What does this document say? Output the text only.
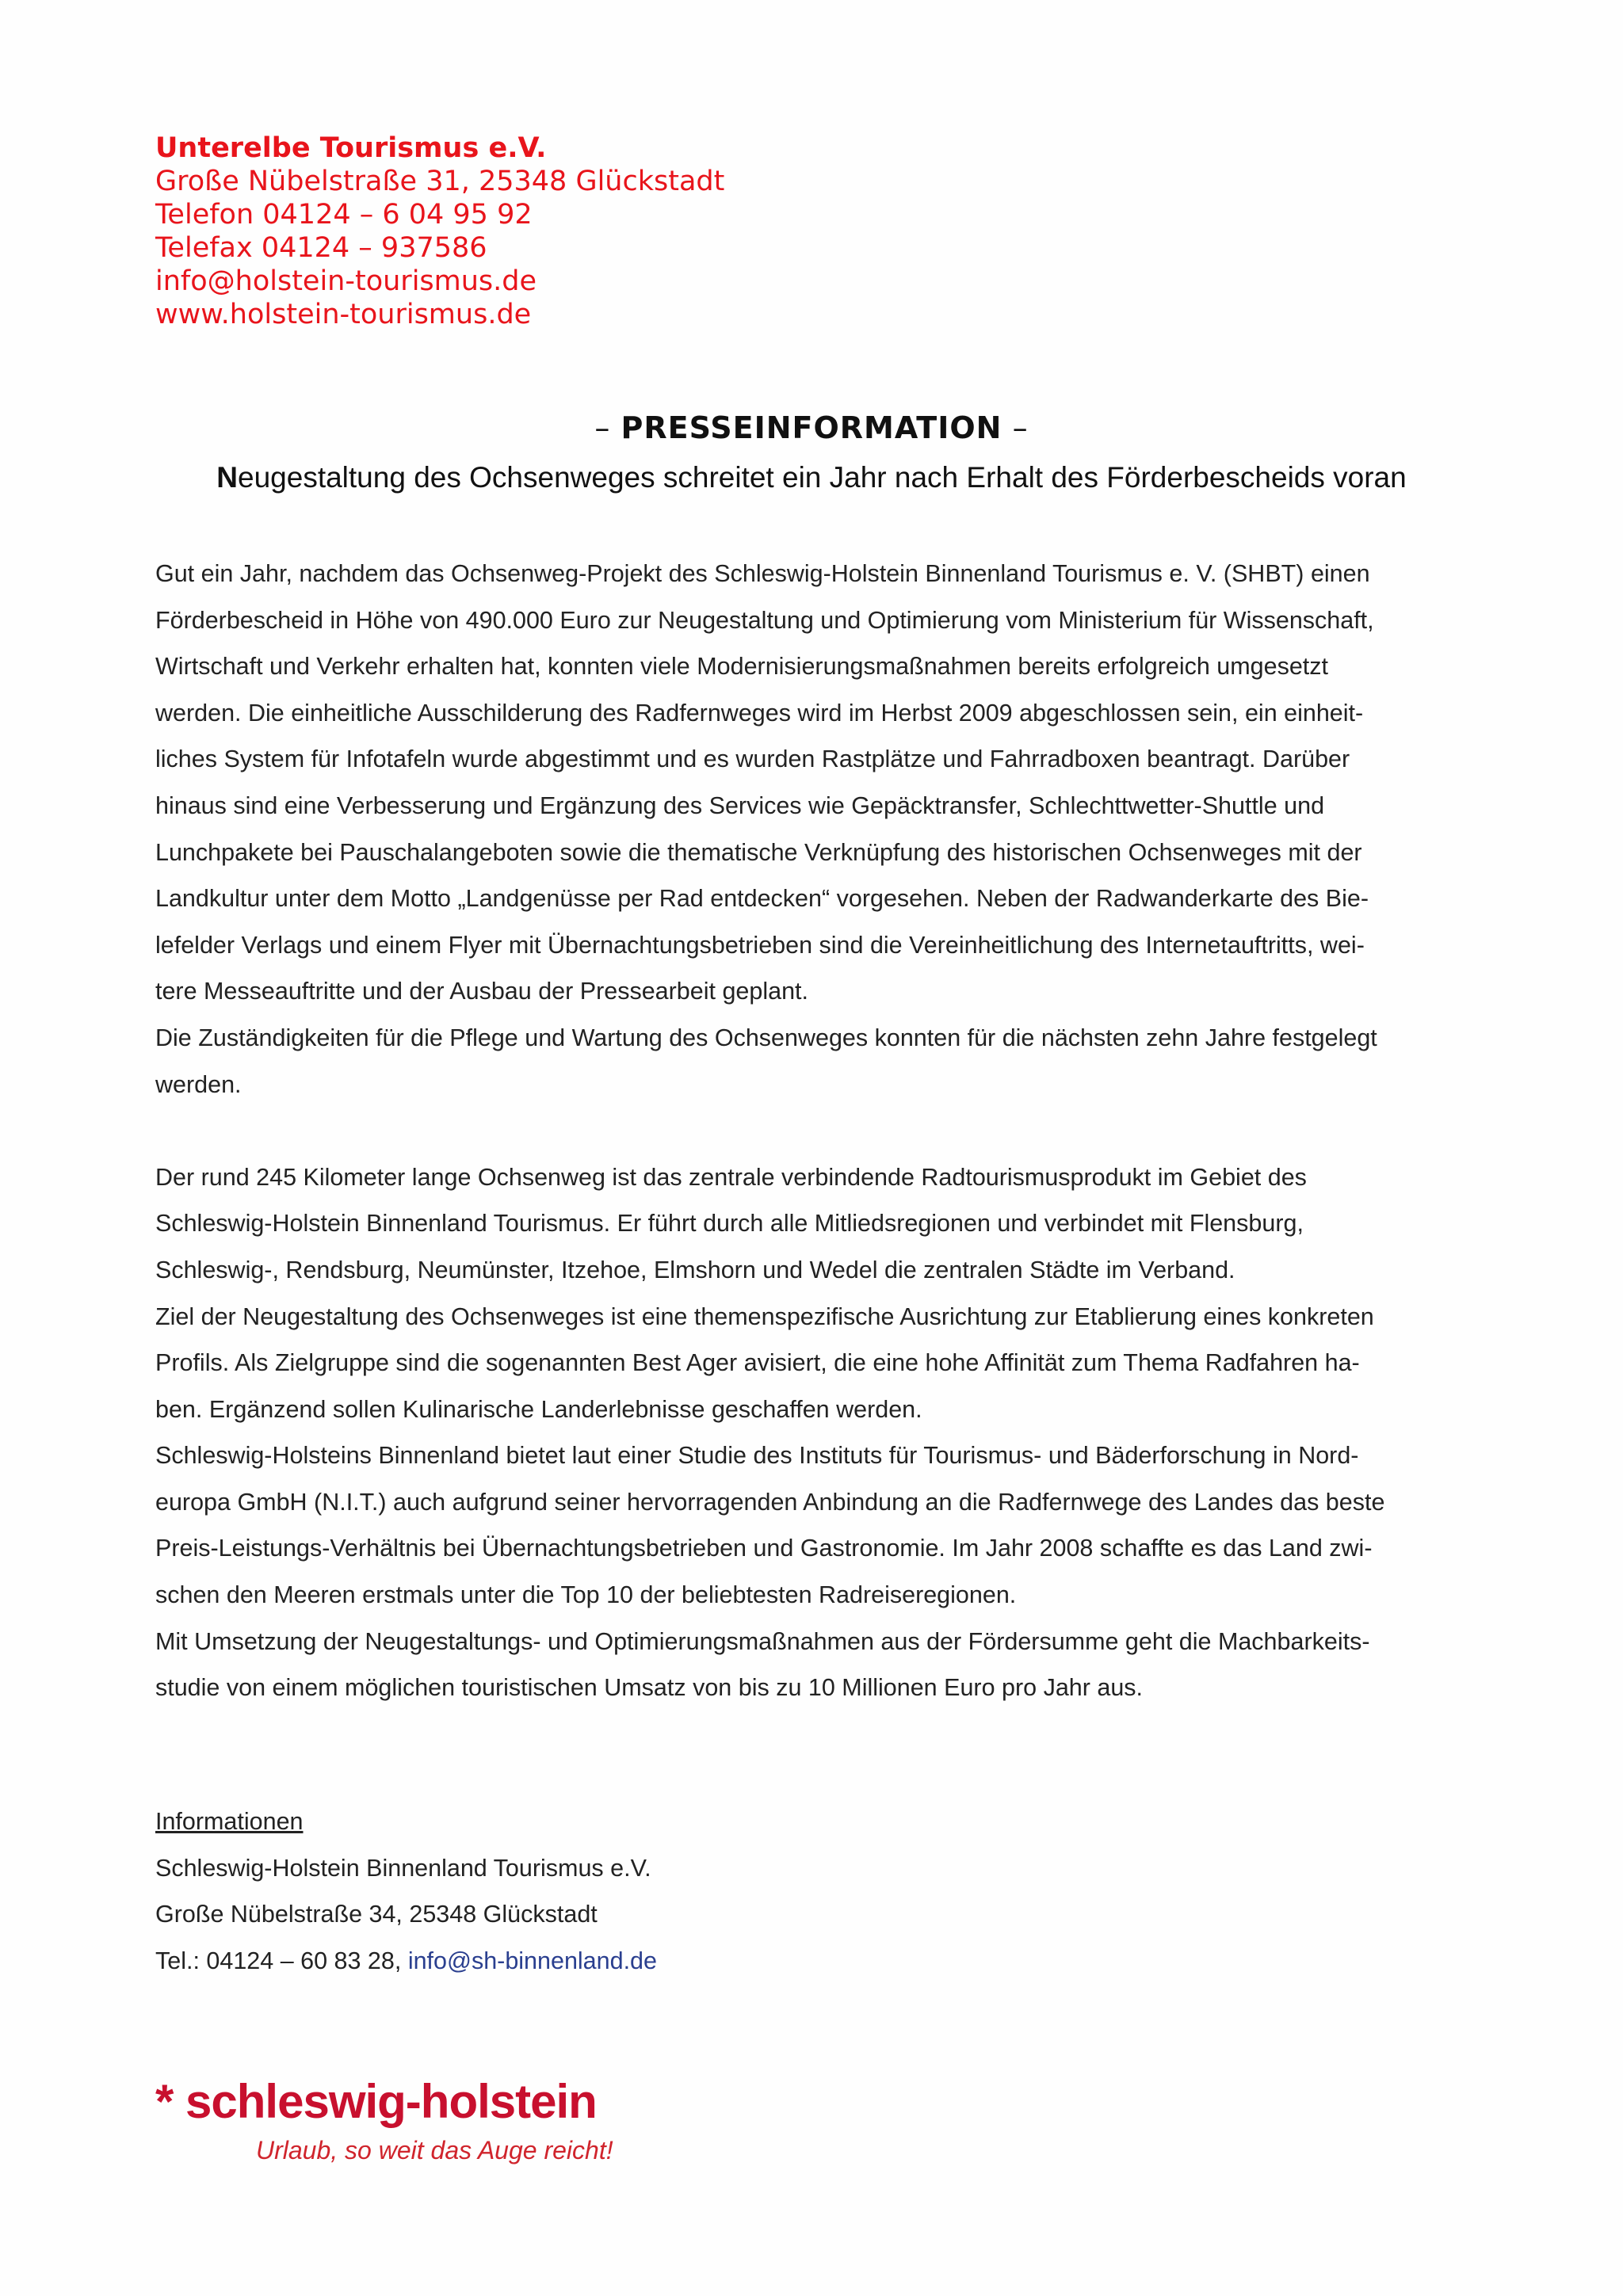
Unterelbe Tourismus e.V.
Große Nübelstraße 31, 25348 Glückstadt
Telefon 04124 – 6 04 95 92
Telefax 04124 – 937586
info@holstein-tourismus.de
www.holstein-tourismus.de
– PRESSEINFORMATION –
Neugestaltung des Ochsenweges schreitet ein Jahr nach Erhalt des Förderbescheids voran

Gut ein Jahr, nachdem das Ochsenweg-Projekt des Schleswig-Holstein Binnenland Tourismus e. V. (SHBT) einen
Förderbescheid in Höhe von 490.000 Euro zur Neugestaltung und Optimierung vom Ministerium für Wissenschaft,
Wirtschaft und Verkehr erhalten hat, konnten viele Modernisierungsmaßnahmen bereits erfolgreich umgesetzt
werden. Die einheitliche Ausschilderung des Radfernweges wird im Herbst 2009 abgeschlossen sein, ein einheit-
liches System für Infotafeln wurde abgestimmt und es wurden Rastplätze und Fahrradboxen beantragt. Darüber
hinaus sind eine Verbesserung und Ergänzung des Services wie Gepäcktransfer, Schlechttwetter-Shuttle und
Lunchpakete bei Pauschalangeboten sowie die thematische Verknüpfung des historischen Ochsenweges mit der
Landkultur unter dem Motto „Landgenüsse per Rad entdecken“ vorgesehen. Neben der Radwanderkarte des Bie-
lefelder Verlags und einem Flyer mit Übernachtungsbetrieben sind die Vereinheitlichung des Internetauftritts, wei-
tere Messeauftritte und der Ausbau der Pressearbeit geplant.
Die Zuständigkeiten für die Pflege und Wartung des Ochsenweges konnten für die nächsten zehn Jahre festgelegt
werden.

Der rund 245 Kilometer lange Ochsenweg ist das zentrale verbindende Radtourismusprodukt im Gebiet des
Schleswig-Holstein Binnenland Tourismus. Er führt durch alle Mitliedsregionen und verbindet mit Flensburg,
Schleswig-, Rendsburg, Neumünster, Itzehoe, Elmshorn und Wedel die zentralen Städte im Verband.
Ziel der Neugestaltung des Ochsenweges ist eine themenspezifische Ausrichtung zur Etablierung eines konkreten
Profils. Als Zielgruppe sind die sogenannten Best Ager avisiert, die eine hohe Affinität zum Thema Radfahren ha-
ben. Ergänzend sollen Kulinarische Landerlebnisse geschaffen werden.
Schleswig-Holsteins Binnenland bietet laut einer Studie des Instituts für Tourismus- und Bäderforschung in Nord-
europa GmbH (N.I.T.) auch aufgrund seiner hervorragenden Anbindung an die Radfernwege des Landes das beste
Preis-Leistungs-Verhältnis bei Übernachtungsbetrieben und Gastronomie. Im Jahr 2008 schaffte es das Land zwi-
schen den Meeren erstmals unter die Top 10 der beliebtesten Radreiseregionen.
Mit Umsetzung der Neugestaltungs- und Optimierungsmaßnahmen aus der Fördersumme geht die Machbarkeits-
studie von einem möglichen touristischen Umsatz von bis zu 10 Millionen Euro pro Jahr aus.

Informationen
Schleswig-Holstein Binnenland Tourismus e.V.
Große Nübelstraße 34, 25348 Glückstadt
Tel.: 04124 – 60 83 28, info@sh-binnenland.de
* schleswig-holstein
Urlaub, so weit das Auge reicht!
